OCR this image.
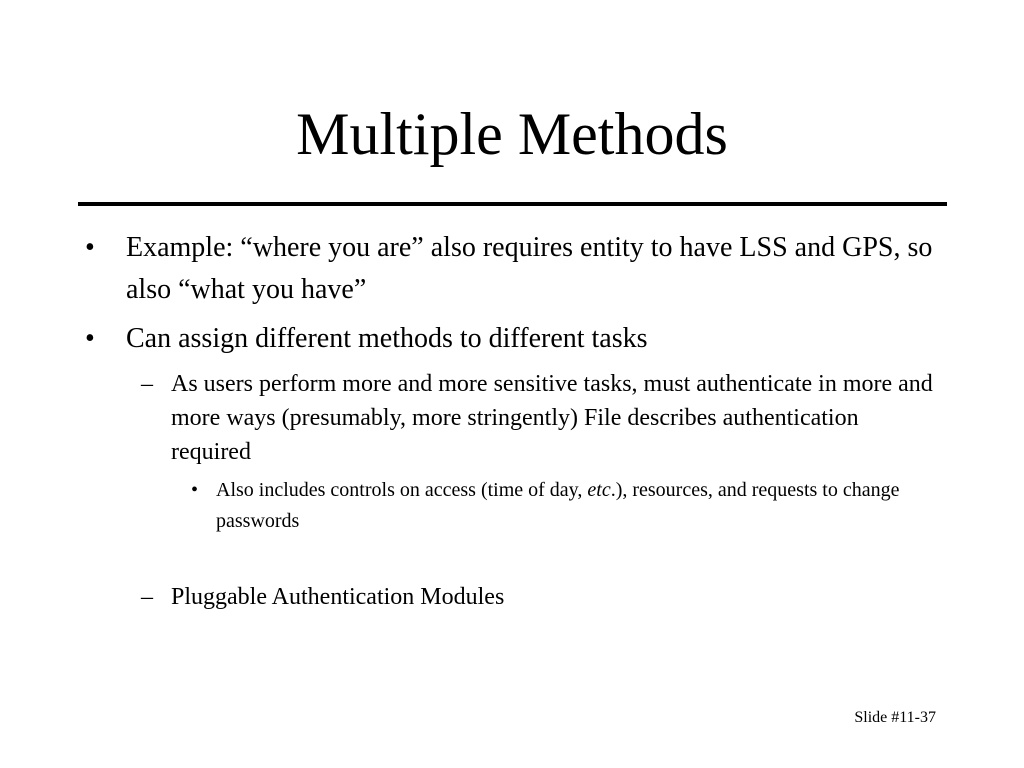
Multiple Methods
• Example: “where you are” also requires entity to have LSS and GPS, so also “what you have”
• Can assign different methods to different tasks
– As users perform more and more sensitive tasks, must authenticate in more and more ways (presumably, more stringently) File describes authentication required
• Also includes controls on access (time of day, etc.), resources, and requests to change passwords
– Pluggable Authentication Modules
Slide #11-37
